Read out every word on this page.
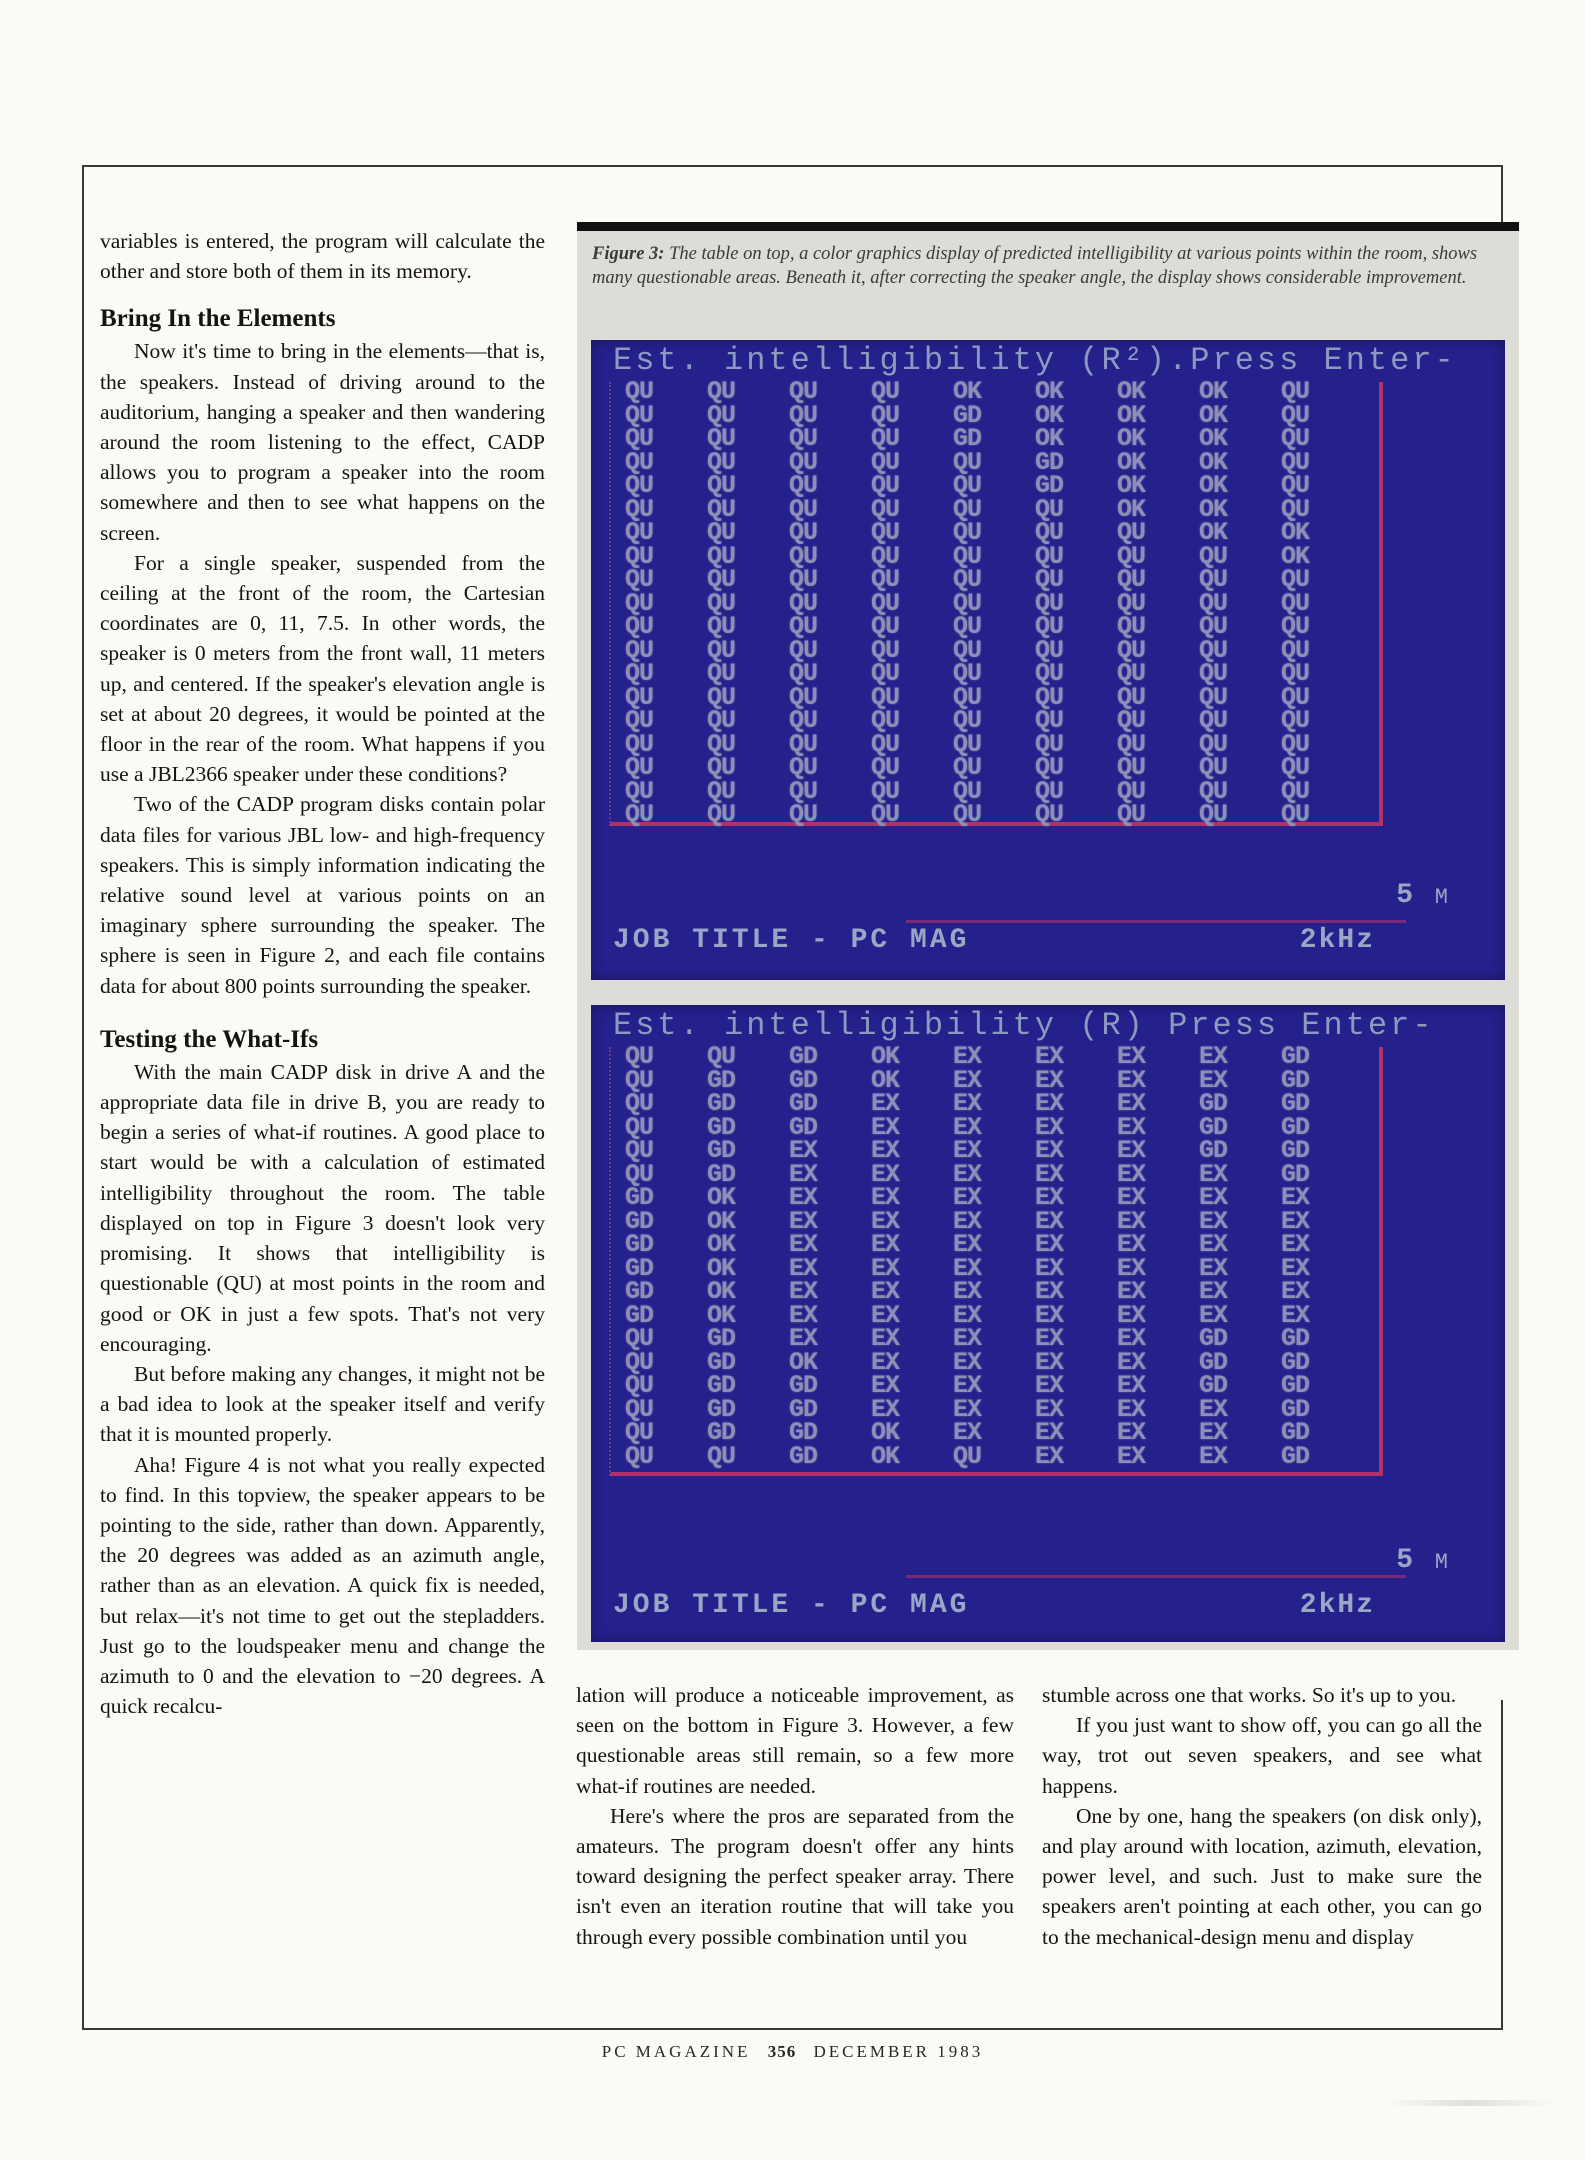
variables is entered, the program will calculate the other and store both of them in its memory.

Bring In the Elements

Now it's time to bring in the elements—that is, the speakers. Instead of driving around to the auditorium, hanging a speaker and then wandering around the room listening to the effect, CADP allows you to program a speaker into the room somewhere and then to see what happens on the screen.

For a single speaker, suspended from the ceiling at the front of the room, the Cartesian coordinates are 0, 11, 7.5. In other words, the speaker is 0 meters from the front wall, 11 meters up, and centered. If the speaker's elevation angle is set at about 20 degrees, it would be pointed at the floor in the rear of the room. What happens if you use a JBL2366 speaker under these conditions?

Two of the CADP program disks contain polar data files for various JBL low- and high-frequency speakers. This is simply information indicating the relative sound level at various points on an imaginary sphere surrounding the speaker. The sphere is seen in Figure 2, and each file contains data for about 800 points surrounding the speaker.

Testing the What-Ifs

With the main CADP disk in drive A and the appropriate data file in drive B, you are ready to begin a series of what-if routines. A good place to start would be with a calculation of estimated intelligibility throughout the room. The table displayed on top in Figure 3 doesn't look very promising. It shows that intelligibility is questionable (QU) at most points in the room and good or OK in just a few spots. That's not very encouraging.

But before making any changes, it might not be a bad idea to look at the speaker itself and verify that it is mounted properly.

Aha! Figure 4 is not what you really expected to find. In this topview, the speaker appears to be pointing to the side, rather than down. Apparently, the 20 degrees was added as an azimuth angle, rather than as an elevation. A quick fix is needed, but relax—it's not time to get out the stepladders. Just go to the loudspeaker menu and change the azimuth to 0 and the elevation to −20 degrees. A quick recalcu-

Figure 3: The table on top, a color graphics display of predicted intelligibility at various points within the room, shows many questionable areas. Beneath it, after correcting the speaker angle, the display shows considerable improvement.
Est. intelligibility (R²).Press Enter-
QU	QU	QU	QU	OK	OK	OK	OK	QU
QU	QU	QU	QU	GD	OK	OK	OK	QU
QU	QU	QU	QU	GD	OK	OK	OK	QU
QU	QU	QU	QU	QU	GD	OK	OK	QU
QU	QU	QU	QU	QU	GD	OK	OK	QU
QU	QU	QU	QU	QU	QU	OK	OK	QU
QU	QU	QU	QU	QU	QU	QU	OK	OK
QU	QU	QU	QU	QU	QU	QU	QU	OK
QU	QU	QU	QU	QU	QU	QU	QU	QU
QU	QU	QU	QU	QU	QU	QU	QU	QU
QU	QU	QU	QU	QU	QU	QU	QU	QU
QU	QU	QU	QU	QU	QU	QU	QU	QU
QU	QU	QU	QU	QU	QU	QU	QU	QU
QU	QU	QU	QU	QU	QU	QU	QU	QU
QU	QU	QU	QU	QU	QU	QU	QU	QU
QU	QU	QU	QU	QU	QU	QU	QU	QU
QU	QU	QU	QU	QU	QU	QU	QU	QU
QU	QU	QU	QU	QU	QU	QU	QU	QU
QU	QU	QU	QU	QU	QU	QU	QU	QU
5 M
JOB TITLE - PC MAG	2kHz
Est. intelligibility (R) Press Enter-
QU	QU	GD	OK	EX	EX	EX	EX	GD
QU	GD	GD	OK	EX	EX	EX	EX	GD
QU	GD	GD	EX	EX	EX	EX	GD	GD
QU	GD	GD	EX	EX	EX	EX	GD	GD
QU	GD	EX	EX	EX	EX	EX	GD	GD
QU	GD	EX	EX	EX	EX	EX	EX	GD
GD	OK	EX	EX	EX	EX	EX	EX	EX
GD	OK	EX	EX	EX	EX	EX	EX	EX
GD	OK	EX	EX	EX	EX	EX	EX	EX
GD	OK	EX	EX	EX	EX	EX	EX	EX
GD	OK	EX	EX	EX	EX	EX	EX	EX
GD	OK	EX	EX	EX	EX	EX	EX	EX
QU	GD	EX	EX	EX	EX	EX	GD	GD
QU	GD	OK	EX	EX	EX	EX	GD	GD
QU	GD	GD	EX	EX	EX	EX	GD	GD
QU	GD	GD	EX	EX	EX	EX	EX	GD
QU	GD	GD	OK	EX	EX	EX	EX	GD
QU	QU	GD	OK	QU	EX	EX	EX	GD
5 M
JOB TITLE - PC MAG	2kHz

lation will produce a noticeable improvement, as seen on the bottom in Figure 3. However, a few questionable areas still remain, so a few more what-if routines are needed.

Here's where the pros are separated from the amateurs. The program doesn't offer any hints toward designing the perfect speaker array. There isn't even an iteration routine that will take you through every possible combination until you

stumble across one that works. So it's up to you.

If you just want to show off, you can go all the way, trot out seven speakers, and see what happens.

One by one, hang the speakers (on disk only), and play around with location, azimuth, elevation, power level, and such. Just to make sure the speakers aren't pointing at each other, you can go to the mechanical-design menu and display

PC MAGAZINE 356 DECEMBER 1983
